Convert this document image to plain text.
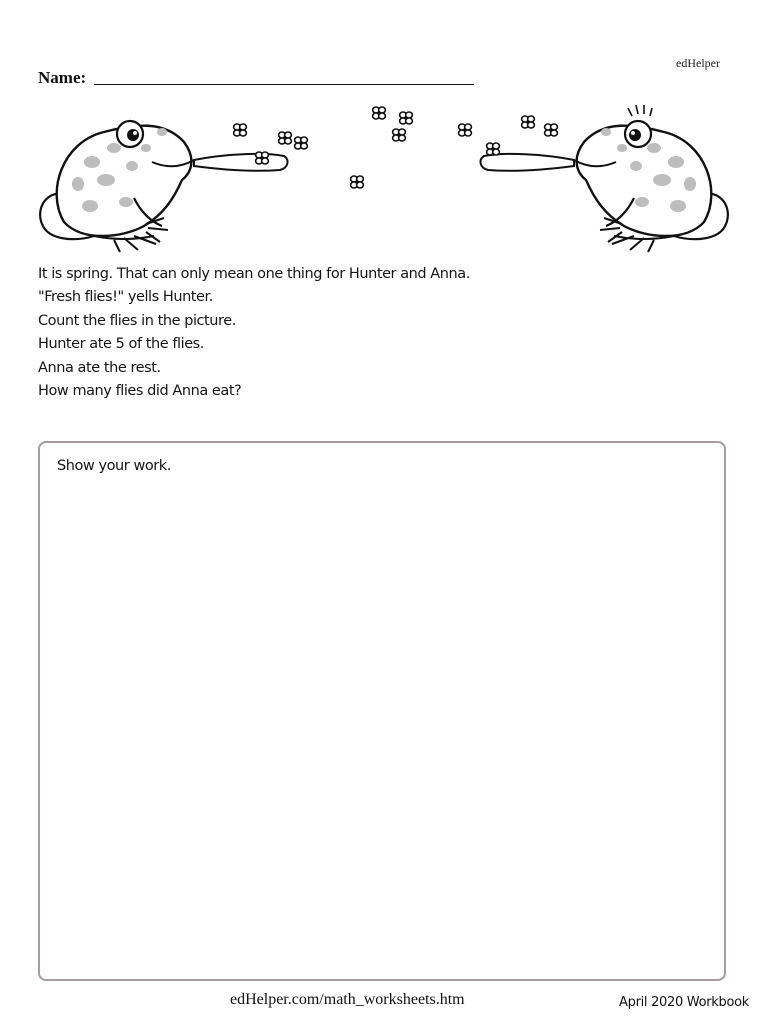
edHelper
Name:
It is spring. That can only mean one thing for Hunter and Anna.
"Fresh flies!" yells Hunter.
Count the flies in the picture.
Hunter ate 5 of the flies.
Anna ate the rest.
How many flies did Anna eat?
Show your work.
edHelper.com/math_worksheets.htm	April 2020 Workbook
